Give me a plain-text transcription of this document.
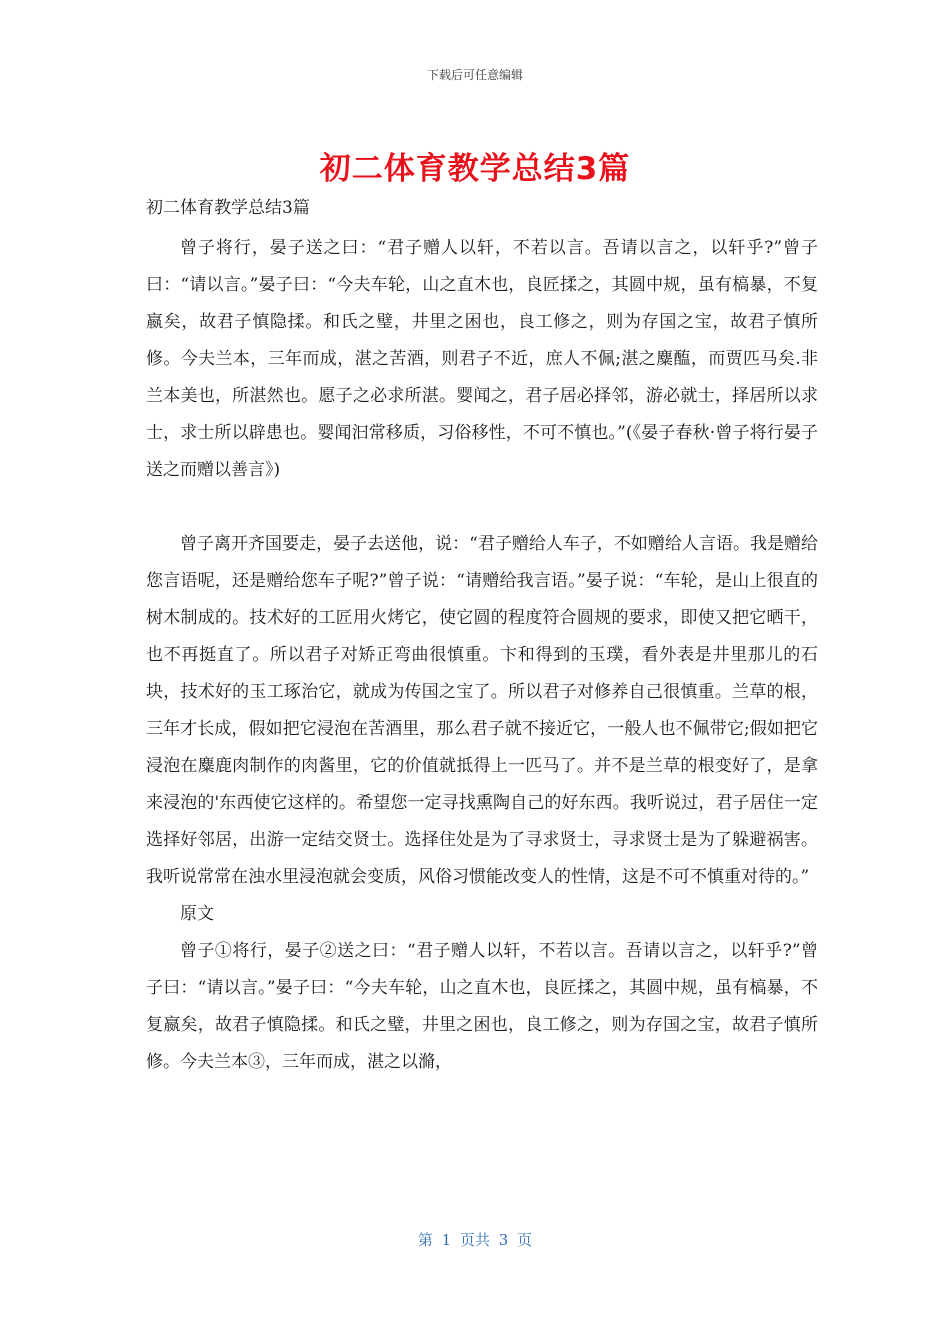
下载后可任意编辑
初二体育教学总结3篇
初二体育教学总结3篇

曾子将行，晏子送之曰：“君子赠人以轩，不若以言。吾请以言之，以轩乎?”曾子曰：“请以言。”晏子曰：“今夫车轮，山之直木也，良匠揉之，其圆中规，虽有槁暴，不复嬴矣，故君子慎隐揉。和氏之璧，井里之困也，良工修之，则为存国之宝，故君子慎所修。今夫兰本，三年而成，湛之苦酒，则君子不近，庶人不佩;湛之麋醢，而贾匹马矣.非兰本美也，所湛然也。愿子之必求所湛。婴闻之，君子居必择邻，游必就士，择居所以求士，求士所以辟患也。婴闻汩常移质，习俗移性，不可不慎也。”(《晏子春秋·曾子将行晏子送之而赠以善言》)

曾子离开齐国要走，晏子去送他，说：“君子赠给人车子，不如赠给人言语。我是赠给您言语呢，还是赠给您车子呢?”曾子说：“请赠给我言语。”晏子说：“车轮，是山上很直的树木制成的。技术好的工匠用火烤它，使它圆的程度符合圆规的要求，即使又把它晒干，也不再挺直了。所以君子对矫正弯曲很慎重。卞和得到的玉璞，看外表是井里那儿的石块，技术好的玉工琢治它，就成为传国之宝了。所以君子对修养自己很慎重。兰草的根，三年才长成，假如把它浸泡在苦酒里，那么君子就不接近它，一般人也不佩带它;假如把它浸泡在麋鹿肉制作的肉酱里，它的价值就抵得上一匹马了。并不是兰草的根变好了，是拿来浸泡的'东西使它这样的。希望您一定寻找熏陶自己的好东西。我听说过，君子居住一定选择好邻居，出游一定结交贤士。选择住处是为了寻求贤士，寻求贤士是为了躲避祸害。我听说常常在浊水里浸泡就会变质，风俗习惯能改变人的性情，这是不可不慎重对待的。”

原文

曾子①将行，晏子②送之曰：“君子赠人以轩，不若以言。吾请以言之，以轩乎?”曾子曰：“请以言。”晏子曰：“今夫车轮，山之直木也，良匠揉之，其圆中规，虽有槁暴，不复嬴矣，故君子慎隐揉。和氏之璧，井里之困也，良工修之，则为存国之宝，故君子慎所修。今夫兰本③，三年而成，湛之以滫，

第 1 页共 3 页
